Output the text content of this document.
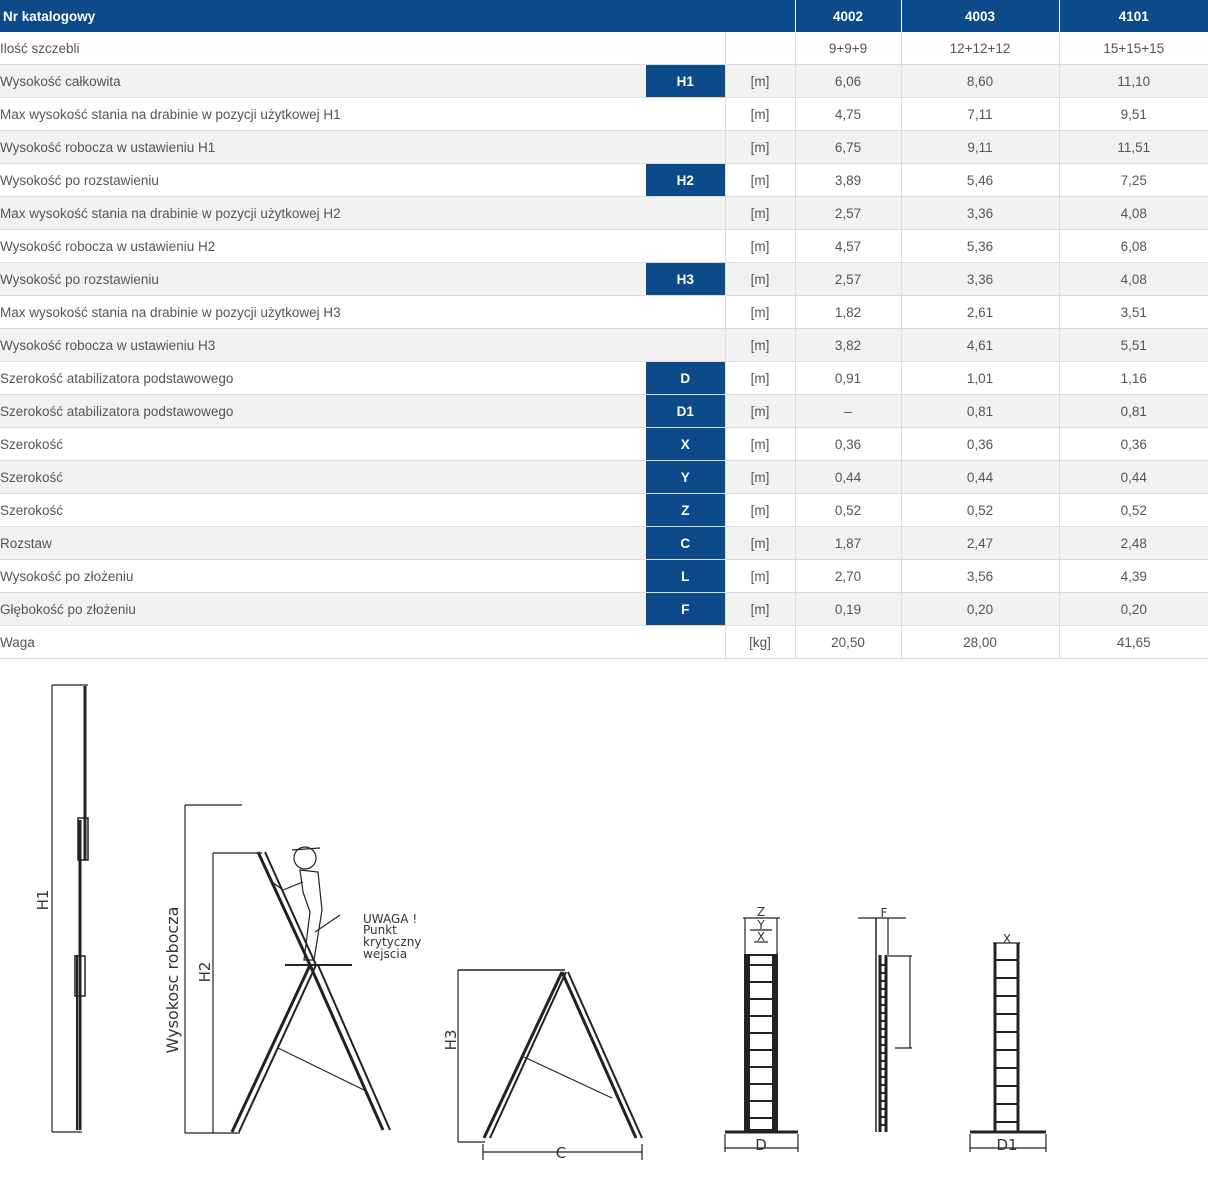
Nr katalogowy			4002	4003	4101
Ilość szczebli			9+9+9	12+12+12	15+15+15
Wysokość całkowita	H1	[m]	6,06	8,60	11,10
Max wysokość stania na drabinie w pozycji użytkowej H1		[m]	4,75	7,11	9,51
Wysokość robocza w ustawieniu H1		[m]	6,75	9,11	11,51
Wysokość po rozstawieniu	H2	[m]	3,89	5,46	7,25
Max wysokość stania na drabinie w pozycji użytkowej H2		[m]	2,57	3,36	4,08
Wysokość robocza w ustawieniu H2		[m]	4,57	5,36	6,08
Wysokość po rozstawieniu	H3	[m]	2,57	3,36	4,08
Max wysokość stania na drabinie w pozycji użytkowej H3		[m]	1,82	2,61	3,51
Wysokość robocza w ustawieniu H3		[m]	3,82	4,61	5,51
Szerokość atabilizatora podstawowego	D	[m]	0,91	1,01	1,16
Szerokość atabilizatora podstawowego	D1	[m]	–	0,81	0,81
Szerokość	X	[m]	0,36	0,36	0,36
Szerokość	Y	[m]	0,44	0,44	0,44
Szerokość	Z	[m]	0,52	0,52	0,52
Rozstaw	C	[m]	1,87	2,47	2,48
Wysokość po złożeniu	L	[m]	2,70	3,56	4,39
Głębokość po złożeniu	F	[m]	0,19	0,20	0,20
Waga		[kg]	20,50	28,00	41,65
H1
Wysokosc robocza H2
UWAGA !
Punkt
krytyczny
wejscia
H3
C
Z
Y
X
D
F
X
D1
